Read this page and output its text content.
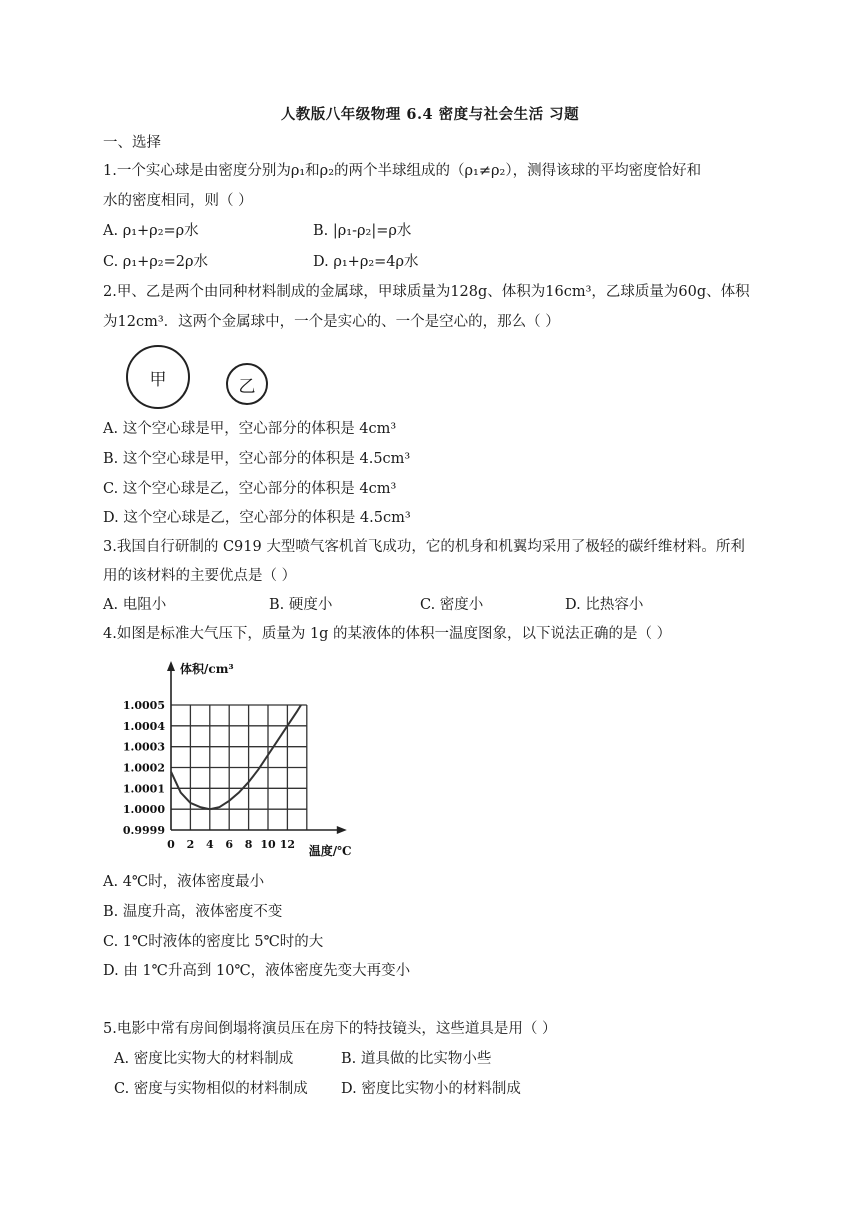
人教版八年级物理 6.4 密度与社会生活 习题
一、选择
1.一个实心球是由密度分别为ρ₁和ρ₂的两个半球组成的（ρ₁≠ρ₂），测得该球的平均密度恰好和
水的密度相同，则（ ）
A. ρ₁+ρ₂=ρ水	B. |ρ₁-ρ₂|=ρ水
C. ρ₁+ρ₂=2ρ水	D. ρ₁+ρ₂=4ρ水
2.甲、乙是两个由同种材料制成的金属球，甲球质量为128g、体积为16cm³，乙球质量为60g、体积
为12cm³．这两个金属球中，一个是实心的、一个是空心的，那么（ ）
甲	乙
A. 这个空心球是甲，空心部分的体积是 4cm³
B. 这个空心球是甲，空心部分的体积是 4.5cm³
C. 这个空心球是乙，空心部分的体积是 4cm³
D. 这个空心球是乙，空心部分的体积是 4.5cm³
3.我国自行研制的 C919 大型喷气客机首飞成功，它的机身和机翼均采用了极轻的碳纤维材料。所利
用的该材料的主要优点是（ ）
A. 电阻小	B. 硬度小	C. 密度小	D. 比热容小
4.如图是标准大气压下，质量为 1g 的某液体的体积一温度图象，以下说法正确的是（ ）
0 2 4 6 8 10 12
0.9999
1.0000
1.0001
1.0002
1.0003
1.0004
1.0005
体积/cm³
温度/℃
A. 4℃时，液体密度最小
B. 温度升高，液体密度不变
C. 1℃时液体的密度比 5℃时的大
D. 由 1℃升高到 10℃，液体密度先变大再变小
5.电影中常有房间倒塌将演员压在房下的特技镜头，这些道具是用（ ）
A. 密度比实物大的材料制成	B. 道具做的比实物小些
C. 密度与实物相似的材料制成 D. 密度比实物小的材料制成
